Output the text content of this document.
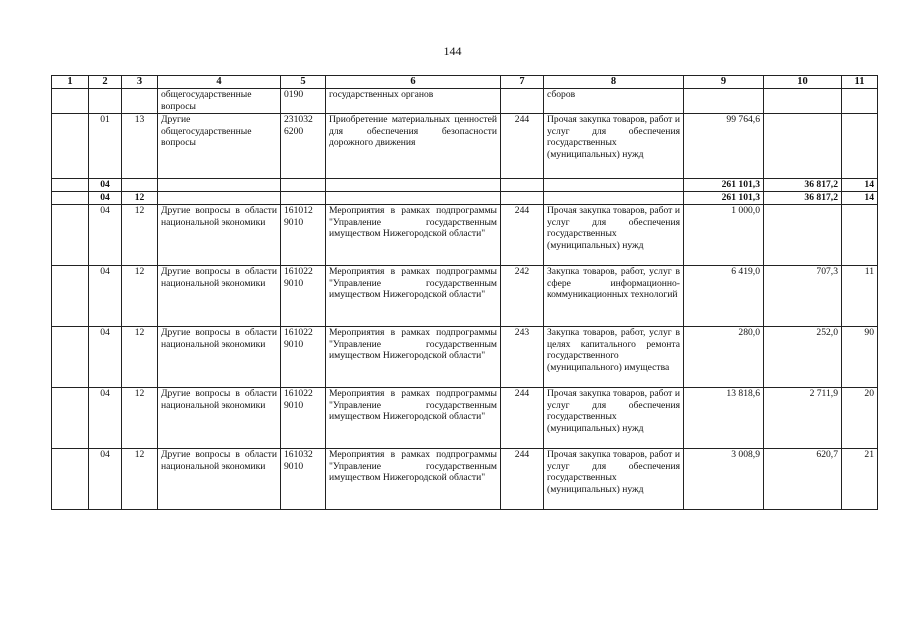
144
1	2	3	4	5	6	7	8	9	10	11
			общегосударственные вопросы	0190	государственных органов		сборов			
	01	13	Другие общегосударственные вопросы	231032 6200	Приобретение материальных ценностей для обеспечения безопасности дорожного движения	244	Прочая закупка товаров, работ и услуг для обеспечения государственных (муниципальных) нужд	99 764,6		
	04							261 101,3	36 817,2	14
	04	12						261 101,3	36 817,2	14
	04	12	Другие вопросы в области национальной экономики	161012 9010	Мероприятия в рамках подпрограммы "Управление государственным имуществом Нижегородской области"	244	Прочая закупка товаров, работ и услуг для обеспечения государственных (муниципальных) нужд	1 000,0		
	04	12	Другие вопросы в области национальной экономики	161022 9010	Мероприятия в рамках подпрограммы "Управление государственным имуществом Нижегородской области"	242	Закупка товаров, работ, услуг в сфере информационно-коммуникационных технологий	6 419,0	707,3	11
	04	12	Другие вопросы в области национальной экономики	161022 9010	Мероприятия в рамках подпрограммы "Управление государственным имуществом Нижегородской области"	243	Закупка товаров, работ, услуг в целях капитального ремонта государственного (муниципального) имущества	280,0	252,0	90
	04	12	Другие вопросы в области национальной экономики	161022 9010	Мероприятия в рамках подпрограммы "Управление государственным имуществом Нижегородской области"	244	Прочая закупка товаров, работ и услуг для обеспечения государственных (муниципальных) нужд	13 818,6	2 711,9	20
	04	12	Другие вопросы в области национальной экономики	161032 9010	Мероприятия в рамках подпрограммы "Управление государственным имуществом Нижегородской области"	244	Прочая закупка товаров, работ и услуг для обеспечения государственных (муниципальных) нужд	3 008,9	620,7	21
